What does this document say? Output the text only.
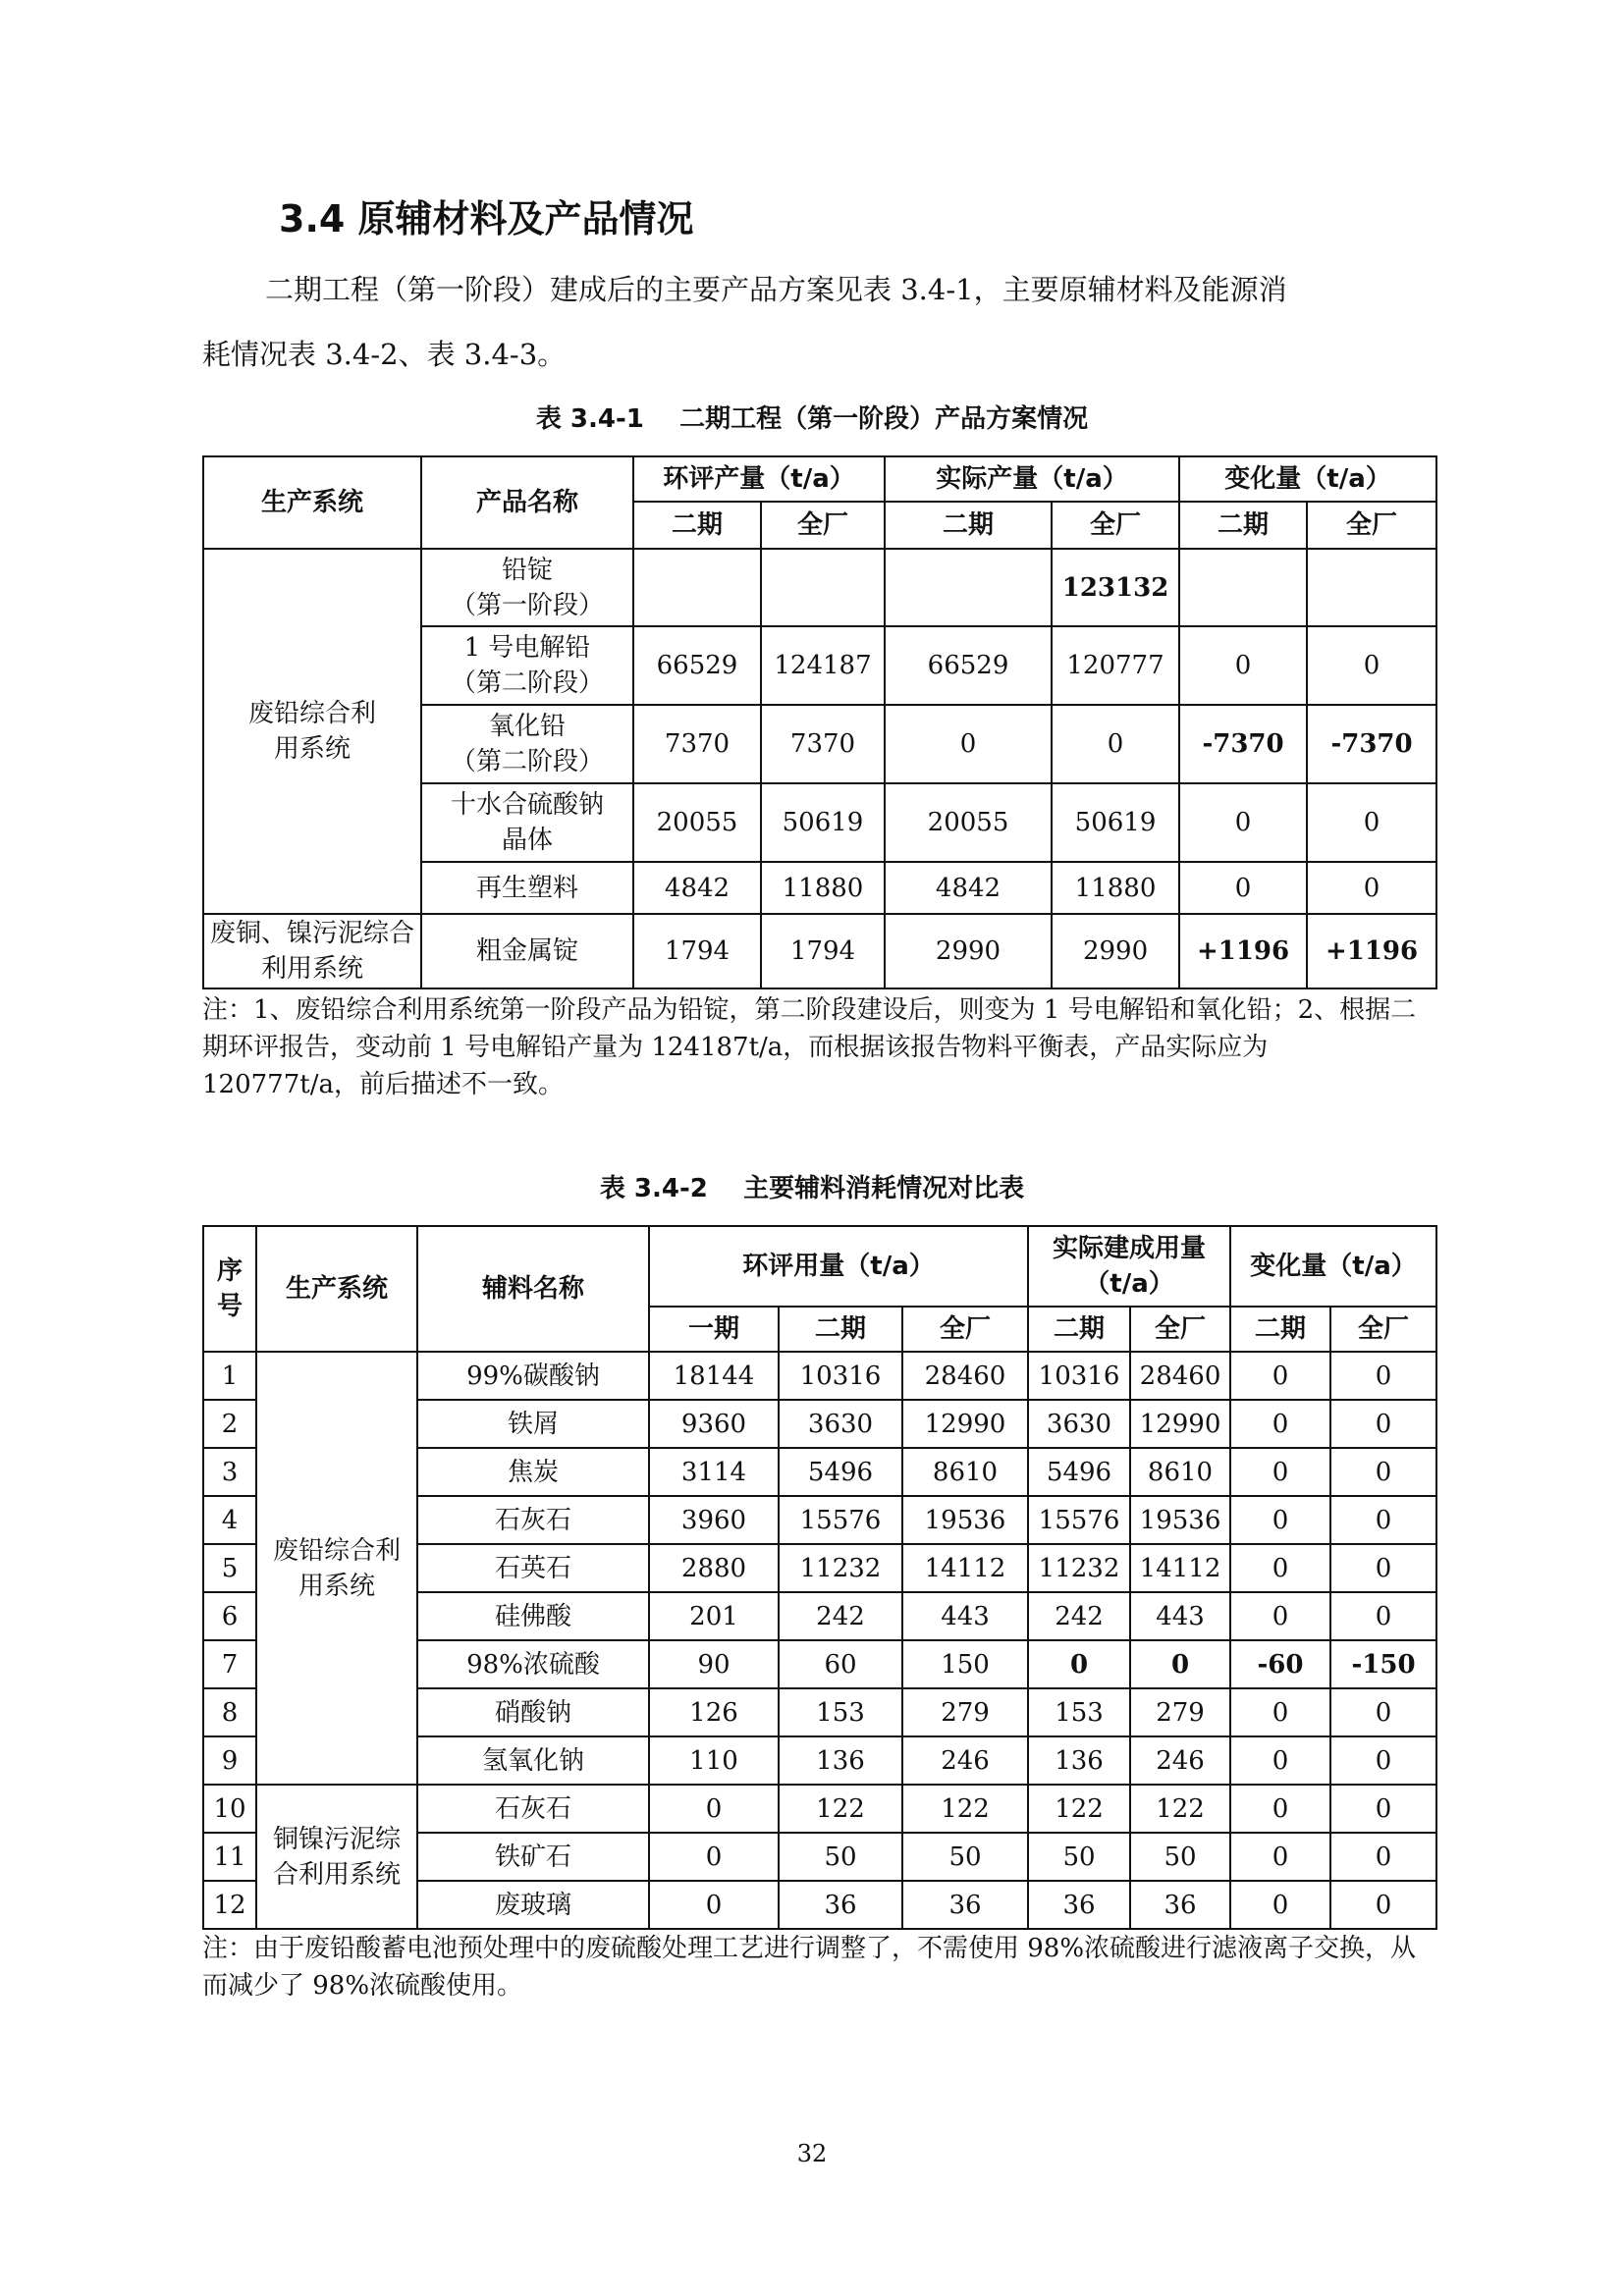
3.4 原辅材料及产品情况

二期工程（第一阶段）建成后的主要产品方案见表 3.4-1，主要原辅材料及能源消

耗情况表 3.4-2、表 3.4-3。

表 3.4-1 二期工程（第一阶段）产品方案情况

生产系统	产品名称	环评产量（t/a）		实际产量（t/a）		变化量（t/a）	
		二期	全厂	二期	全厂	二期	全厂
废铅综合利用系统	铅锭
（第一阶段）				123132		
	1 号电解铅
（第二阶段）	66529	124187	66529	120777	0	0
	氧化铅
（第二阶段）	7370	7370	0	0	-7370	-7370
	十水合硫酸钠
晶体	20055	50619	20055	50619	0	0
	再生塑料	4842	11880	4842	11880	0	0
废铜、镍污泥综合利用系统	粗金属锭	1794	1794	2990	2990	+1196	+1196

注：1、废铅综合利用系统第一阶段产品为铅锭，第二阶段建设后，则变为 1 号电解铅和氧化铅；2、根据二期环评报告，变动前 1 号电解铅产量为 124187t/a，而根据该报告物料平衡表，产品实际应为 120777t/a，前后描述不一致。

表 3.4-2 主要辅料消耗情况对比表

序号	生产系统	辅料名称	环评用量（t/a）			实际建成用量（t/a）		变化量（t/a）	
			一期	二期	全厂	二期	全厂	二期	全厂
1	废铅综合利用系统	99%碳酸钠	18144	10316	28460	10316	28460	0	0
2		铁屑	9360	3630	12990	3630	12990	0	0
3		焦炭	3114	5496	8610	5496	8610	0	0
4		石灰石	3960	15576	19536	15576	19536	0	0
5		石英石	2880	11232	14112	11232	14112	0	0
6		硅佛酸	201	242	443	242	443	0	0
7		98%浓硫酸	90	60	150	0	0	-60	-150
8		硝酸钠	126	153	279	153	279	0	0
9		氢氧化钠	110	136	246	136	246	0	0
10	铜镍污泥综合利用系统	石灰石	0	122	122	122	122	0	0
11		铁矿石	0	50	50	50	50	0	0
12		废玻璃	0	36	36	36	36	0	0

注：由于废铅酸蓄电池预处理中的废硫酸处理工艺进行调整了，不需使用 98%浓硫酸进行滤液离子交换，从而减少了 98%浓硫酸使用。

32
